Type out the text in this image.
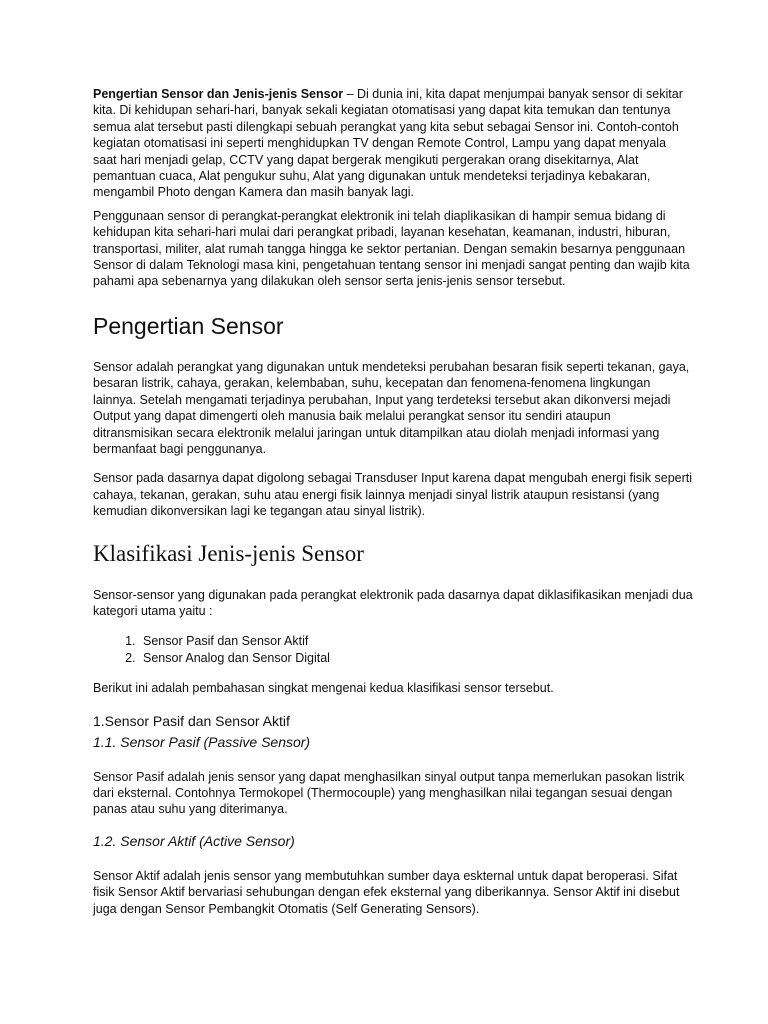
Pengertian Sensor dan Jenis-jenis Sensor – Di dunia ini, kita dapat menjumpai banyak sensor di sekitar kita. Di kehidupan sehari-hari, banyak sekali kegiatan otomatisasi yang dapat kita temukan dan tentunya semua alat tersebut pasti dilengkapi sebuah perangkat yang kita sebut sebagai Sensor ini. Contoh-contoh kegiatan otomatisasi ini seperti menghidupkan TV dengan Remote Control, Lampu yang dapat menyala saat hari menjadi gelap, CCTV yang dapat bergerak mengikuti pergerakan orang disekitarnya, Alat pemantuan cuaca, Alat pengukur suhu, Alat yang digunakan untuk mendeteksi terjadinya kebakaran, mengambil Photo dengan Kamera dan masih banyak lagi.

Penggunaan sensor di perangkat-perangkat elektronik ini telah diaplikasikan di hampir semua bidang di kehidupan kita sehari-hari mulai dari perangkat pribadi, layanan kesehatan, keamanan, industri, hiburan, transportasi, militer, alat rumah tangga hingga ke sektor pertanian. Dengan semakin besarnya penggunaan Sensor di dalam Teknologi masa kini, pengetahuan tentang sensor ini menjadi sangat penting dan wajib kita pahami apa sebenarnya yang dilakukan oleh sensor serta jenis-jenis sensor tersebut.

Pengertian Sensor

Sensor adalah perangkat yang digunakan untuk mendeteksi perubahan besaran fisik seperti tekanan, gaya, besaran listrik, cahaya, gerakan, kelembaban, suhu, kecepatan dan fenomena-fenomena lingkungan lainnya. Setelah mengamati terjadinya perubahan, Input yang terdeteksi tersebut akan dikonversi mejadi Output yang dapat dimengerti oleh manusia baik melalui perangkat sensor itu sendiri ataupun ditransmisikan secara elektronik melalui jaringan untuk ditampilkan atau diolah menjadi informasi yang bermanfaat bagi penggunanya.

Sensor pada dasarnya dapat digolong sebagai Transduser Input karena dapat mengubah energi fisik seperti cahaya, tekanan, gerakan, suhu atau energi fisik lainnya menjadi sinyal listrik ataupun resistansi (yang kemudian dikonversikan lagi ke tegangan atau sinyal listrik).

Klasifikasi Jenis-jenis Sensor

Sensor-sensor yang digunakan pada perangkat elektronik pada dasarnya dapat diklasifikasikan menjadi dua kategori utama yaitu :

1. Sensor Pasif dan Sensor Aktif
2. Sensor Analog dan Sensor Digital

Berikut ini adalah pembahasan singkat mengenai kedua klasifikasi sensor tersebut.

1.Sensor Pasif dan Sensor Aktif
1.1. Sensor Pasif (Passive Sensor)

Sensor Pasif adalah jenis sensor yang dapat menghasilkan sinyal output tanpa memerlukan pasokan listrik dari eksternal. Contohnya Termokopel (Thermocouple) yang menghasilkan nilai tegangan sesuai dengan panas atau suhu yang diterimanya.

1.2. Sensor Aktif (Active Sensor)

Sensor Aktif adalah jenis sensor yang membutuhkan sumber daya eskternal untuk dapat beroperasi. Sifat fisik Sensor Aktif bervariasi sehubungan dengan efek eksternal yang diberikannya. Sensor Aktif ini disebut juga dengan Sensor Pembangkit Otomatis (Self Generating Sensors).
